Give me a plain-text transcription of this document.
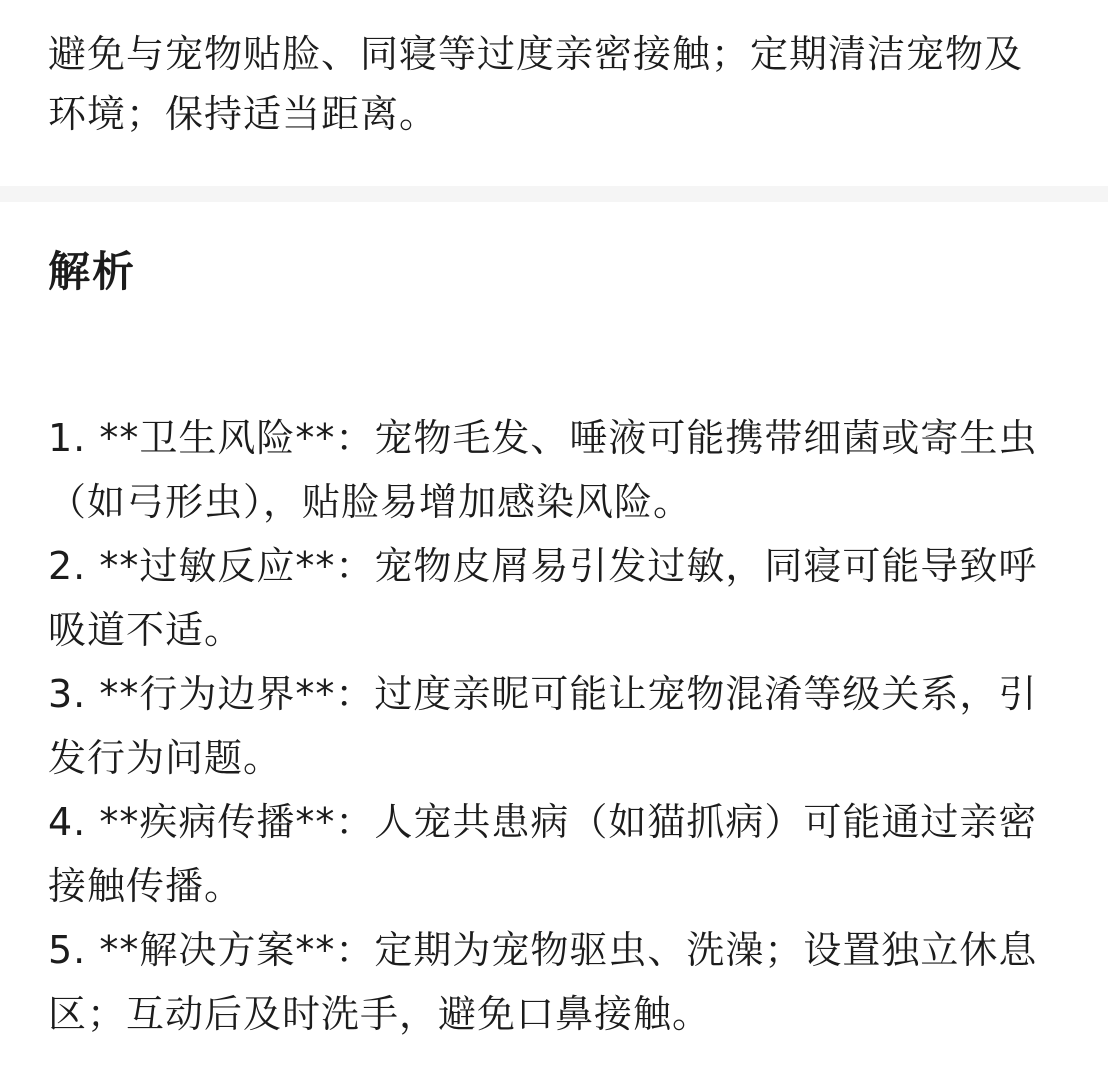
避免与宠物贴脸、同寝等过度亲密接触；定期清洁宠物及环境；保持适当距离。

解析
1. **卫生风险**：宠物毛发、唾液可能携带细菌或寄生虫（如弓形虫），贴脸易增加感染风险。
2. **过敏反应**：宠物皮屑易引发过敏，同寝可能导致呼吸道不适。
3. **行为边界**：过度亲昵可能让宠物混淆等级关系，引发行为问题。
4. **疾病传播**：人宠共患病（如猫抓病）可能通过亲密接触传播。
5. **解决方案**：定期为宠物驱虫、洗澡；设置独立休息区；互动后及时洗手，避免口鼻接触。
